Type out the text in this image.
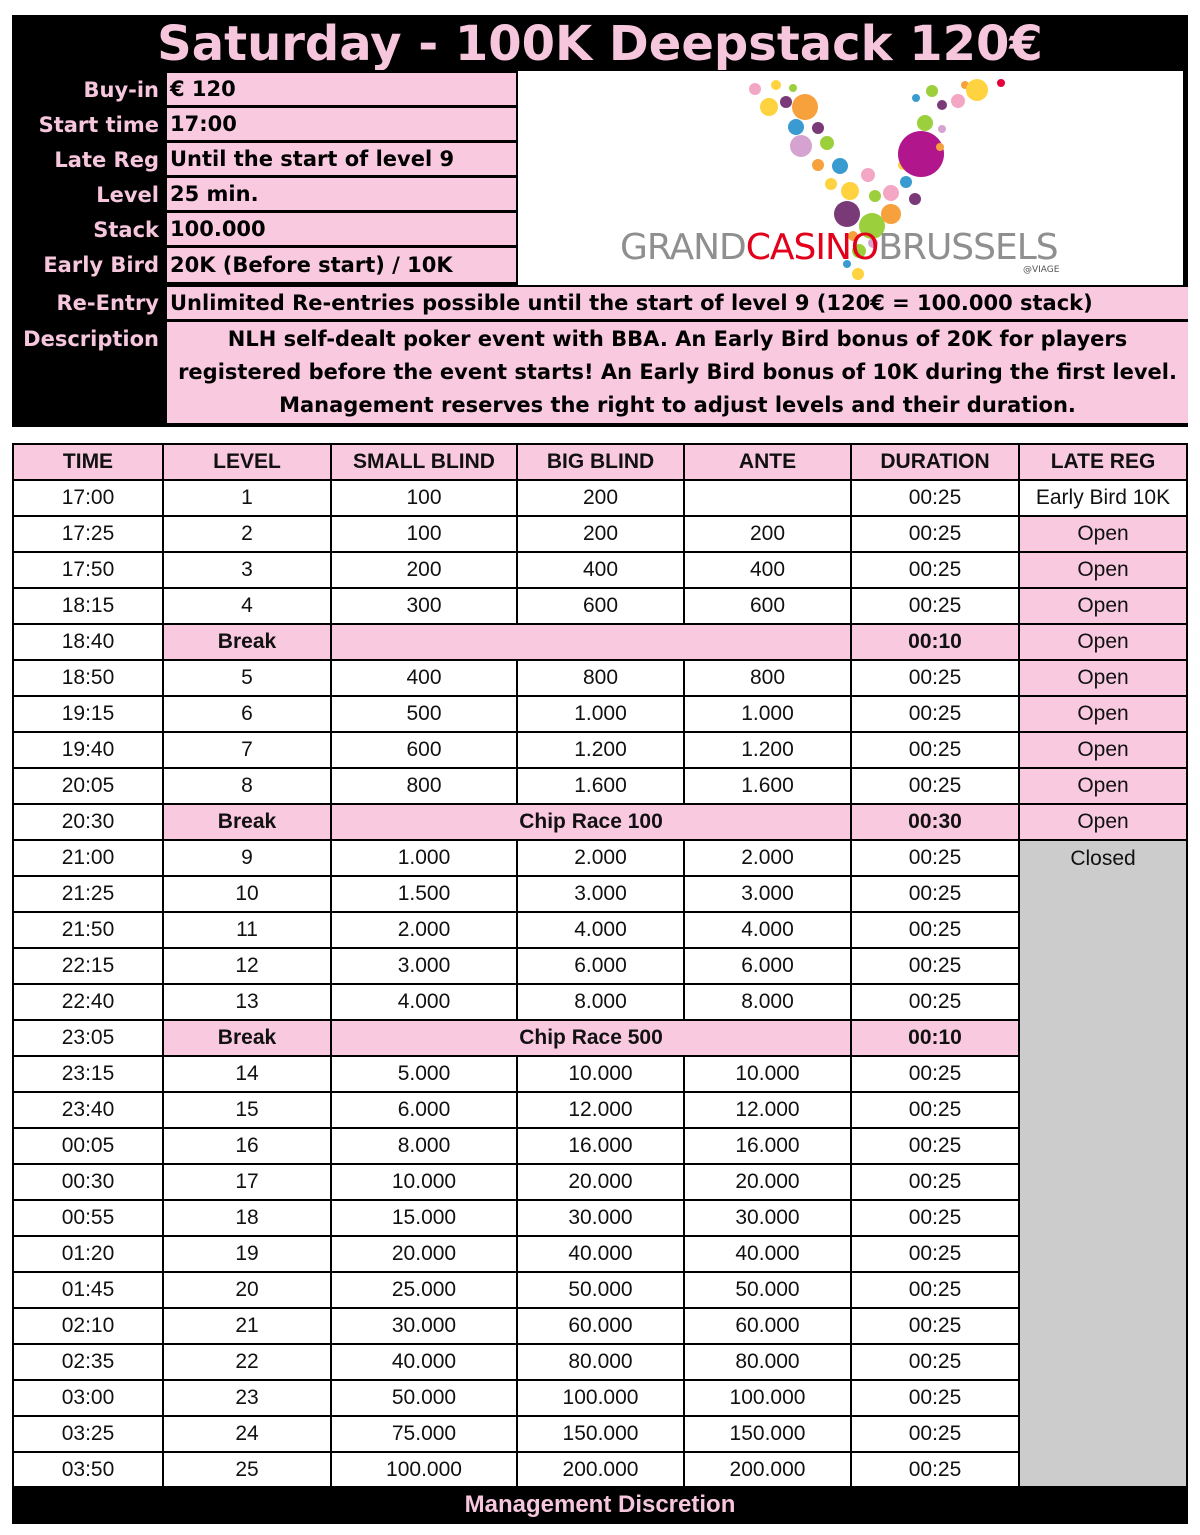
Saturday - 100K Deepstack 120€
Buy-in € 120
Start time 17:00
Late Reg Until the start of level 9
Level 25 min.
Stack 100.000
Early Bird 20K (Before start) / 10K
Re-Entry Unlimited Re-entries possible until the start of level 9 (120€ = 100.000 stack)
Description	NLH self-dealt poker event with BBA. An Early Bird bonus of 20K for players registered before the event starts! An Early Bird bonus of 10K during the first level. Management reserves the right to adjust levels and their duration.
GRANDCASINOBRUSSELS
@VIAGE
TIME	LEVEL	SMALL BLIND	BIG BLIND	ANTE	DURATION	LATE REG
17:00	1	100	200		00:25	Early Bird 10K
17:25	2	100	200	200	00:25	Open
17:50	3	200	400	400	00:25	Open
18:15	4	300	600	600	00:25	Open
18:40	Break				00:10	Open
18:50	5	400	800	800	00:25	Open
19:15	6	500	1.000	1.000	00:25	Open
19:40	7	600	1.200	1.200	00:25	Open
20:05	8	800	1.600	1.600	00:25	Open
20:30	Break	Chip Race 100			00:30	Open
21:00	9	1.000	2.000	2.000	00:25	Closed

21:25	10	1.500	3.000	3.000	00:25	
21:50	11	2.000	4.000	4.000	00:25	
22:15	12	3.000	6.000	6.000	00:25	
22:40	13	4.000	8.000	8.000	00:25	
23:05	Break	Chip Race 500			00:10	
23:15	14	5.000	10.000	10.000	00:25	
23:40	15	6.000	12.000	12.000	00:25	
00:05	16	8.000	16.000	16.000	00:25	
00:30	17	10.000	20.000	20.000	00:25	
00:55	18	15.000	30.000	30.000	00:25	
01:20	19	20.000	40.000	40.000	00:25	
01:45	20	25.000	50.000	50.000	00:25	
02:10	21	30.000	60.000	60.000	00:25	
02:35	22	40.000	80.000	80.000	00:25	
03:00	23	50.000	100.000	100.000	00:25	
03:25	24	75.000	150.000	150.000	00:25	
03:50	25	100.000	200.000	200.000	00:25	
Management Discretion
